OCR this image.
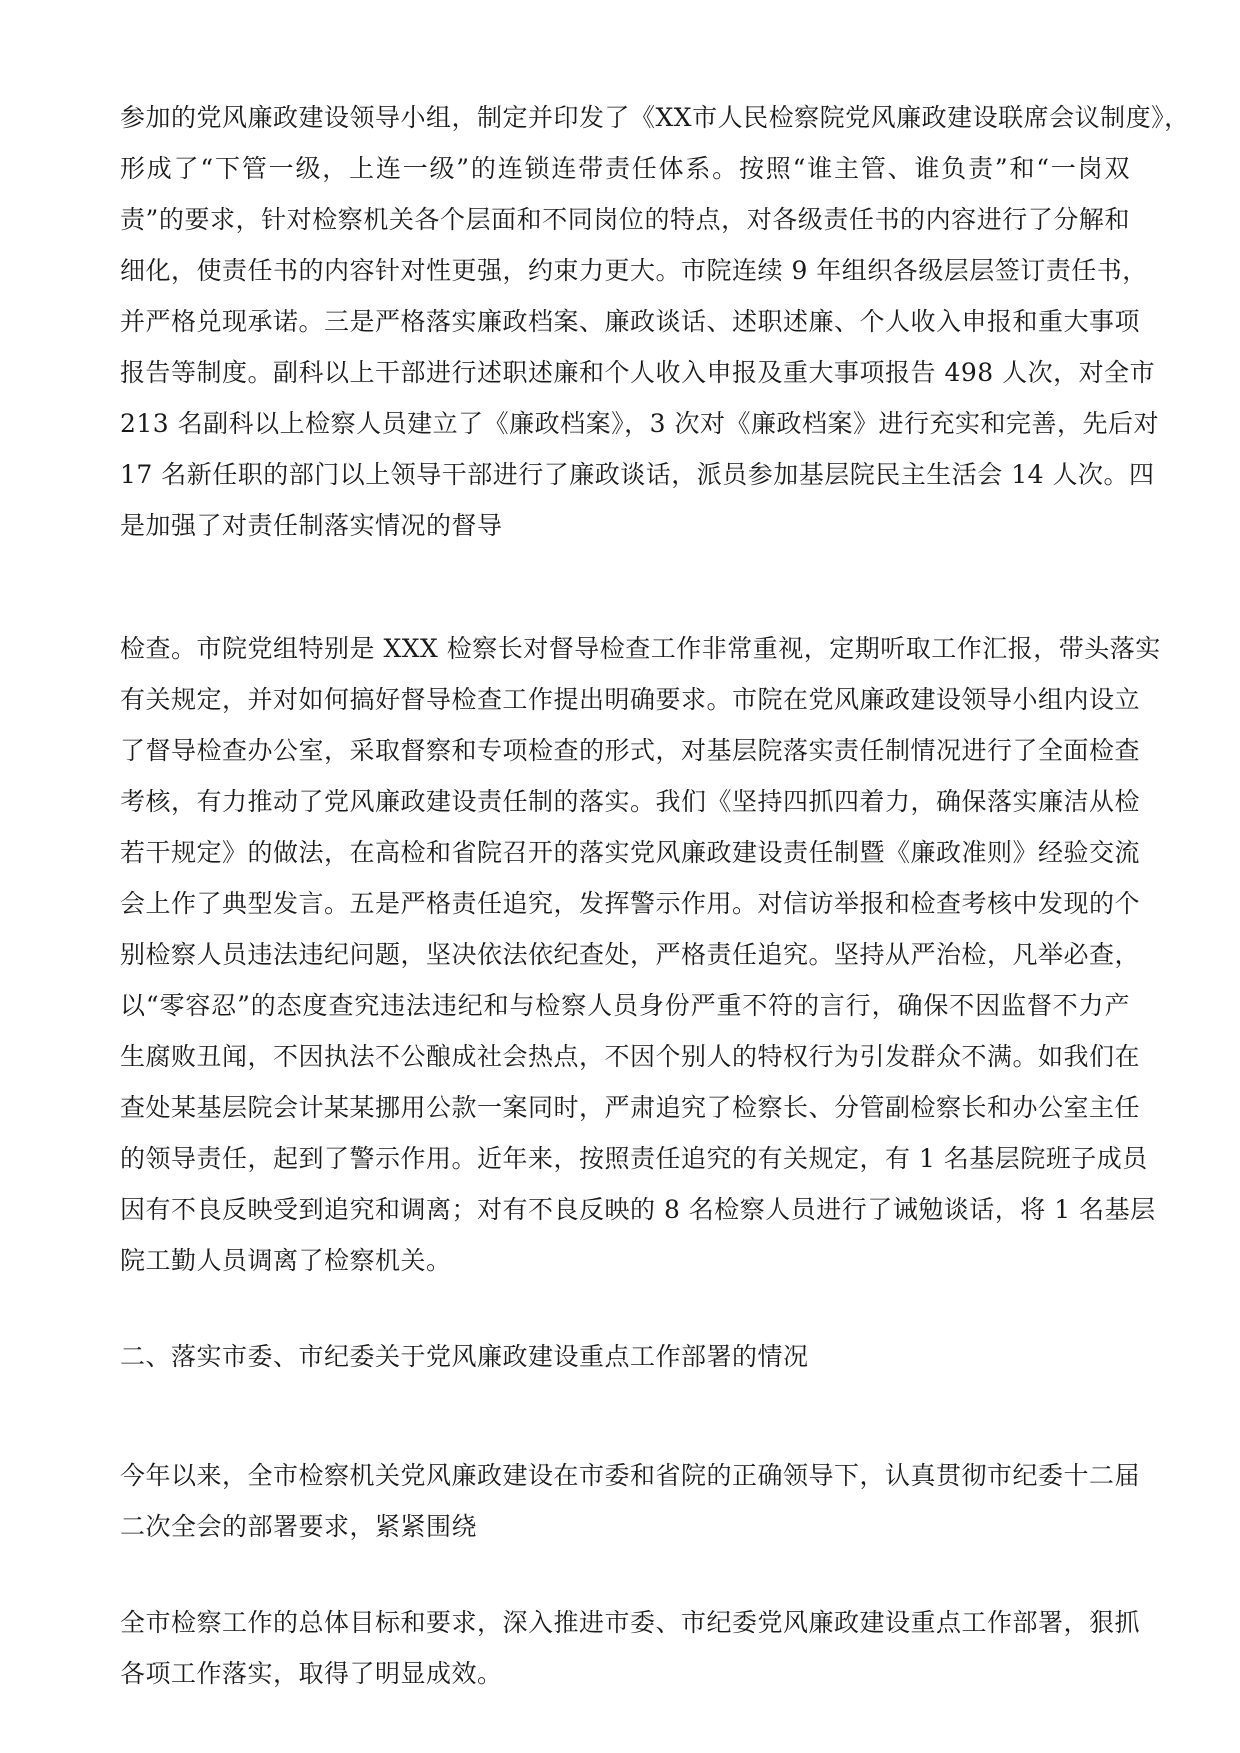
参加的党风廉政建设领导小组，制定并印发了《XX市人民检察院党风廉政建设联席会议制度》，
形成了“下管一级，上连一级”的连锁连带责任体系。按照“谁主管、谁负责”和“一岗双
责”的要求，针对检察机关各个层面和不同岗位的特点，对各级责任书的内容进行了分解和
细化，使责任书的内容针对性更强，约束力更大。市院连续 9 年组织各级层层签订责任书，
并严格兑现承诺。三是严格落实廉政档案、廉政谈话、述职述廉、个人收入申报和重大事项
报告等制度。副科以上干部进行述职述廉和个人收入申报及重大事项报告 498 人次，对全市
213 名副科以上检察人员建立了《廉政档案》，3 次对《廉政档案》进行充实和完善，先后对
17 名新任职的部门以上领导干部进行了廉政谈话，派员参加基层院民主生活会 14 人次。四
是加强了对责任制落实情况的督导
检查。市院党组特别是 XXX 检察长对督导检查工作非常重视，定期听取工作汇报，带头落实
有关规定，并对如何搞好督导检查工作提出明确要求。市院在党风廉政建设领导小组内设立
了督导检查办公室，采取督察和专项检查的形式，对基层院落实责任制情况进行了全面检查
考核，有力推动了党风廉政建设责任制的落实。我们《坚持四抓四着力，确保落实廉洁从检
若干规定》的做法，在高检和省院召开的落实党风廉政建设责任制暨《廉政准则》经验交流
会上作了典型发言。五是严格责任追究，发挥警示作用。对信访举报和检查考核中发现的个
别检察人员违法违纪问题，坚决依法依纪查处，严格责任追究。坚持从严治检，凡举必查，
以“零容忍”的态度查究违法违纪和与检察人员身份严重不符的言行，确保不因监督不力产
生腐败丑闻，不因执法不公酿成社会热点，不因个别人的特权行为引发群众不满。如我们在
查处某基层院会计某某挪用公款一案同时，严肃追究了检察长、分管副检察长和办公室主任
的领导责任，起到了警示作用。近年来，按照责任追究的有关规定，有 1 名基层院班子成员
因有不良反映受到追究和调离；对有不良反映的 8 名检察人员进行了诫勉谈话，将 1 名基层
院工勤人员调离了检察机关。
二、落实市委、市纪委关于党风廉政建设重点工作部署的情况
今年以来，全市检察机关党风廉政建设在市委和省院的正确领导下，认真贯彻市纪委十二届
二次全会的部署要求，紧紧围绕
全市检察工作的总体目标和要求，深入推进市委、市纪委党风廉政建设重点工作部署，狠抓
各项工作落实，取得了明显成效。
